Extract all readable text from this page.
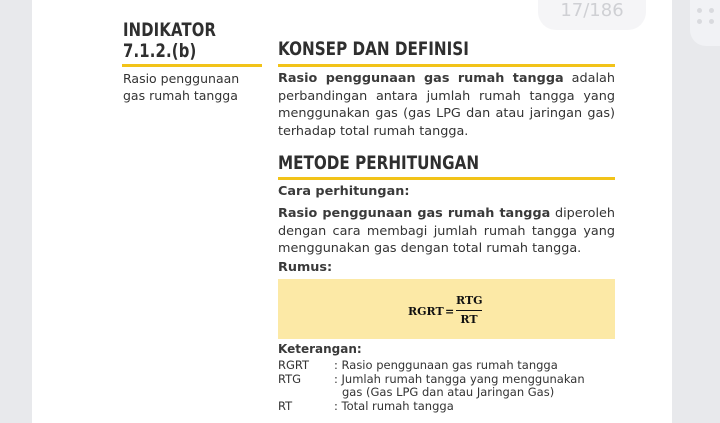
17/186
INDIKATOR
7.1.2.(b)
Rasio penggunaan gas rumah tangga
KONSEP DAN DEFINISI
Rasio penggunaan gas rumah tangga adalah perbandingan antara jumlah rumah tangga yang menggunakan gas (gas LPG dan atau jaringan gas) terhadap total rumah tangga.
METODE PERHITUNGAN
Cara perhitungan:
Rasio penggunaan gas rumah tangga diperoleh dengan cara membagi jumlah rumah tangga yang menggunakan gas dengan total rumah tangga.
Rumus:
RGRT =
RTG
RT
Keterangan:
RGRT	: Rasio penggunaan gas rumah tangga
RTG	: Jumlah rumah tangga yang menggunakan
gas (Gas LPG dan atau Jaringan Gas)
RT	: Total rumah tangga
